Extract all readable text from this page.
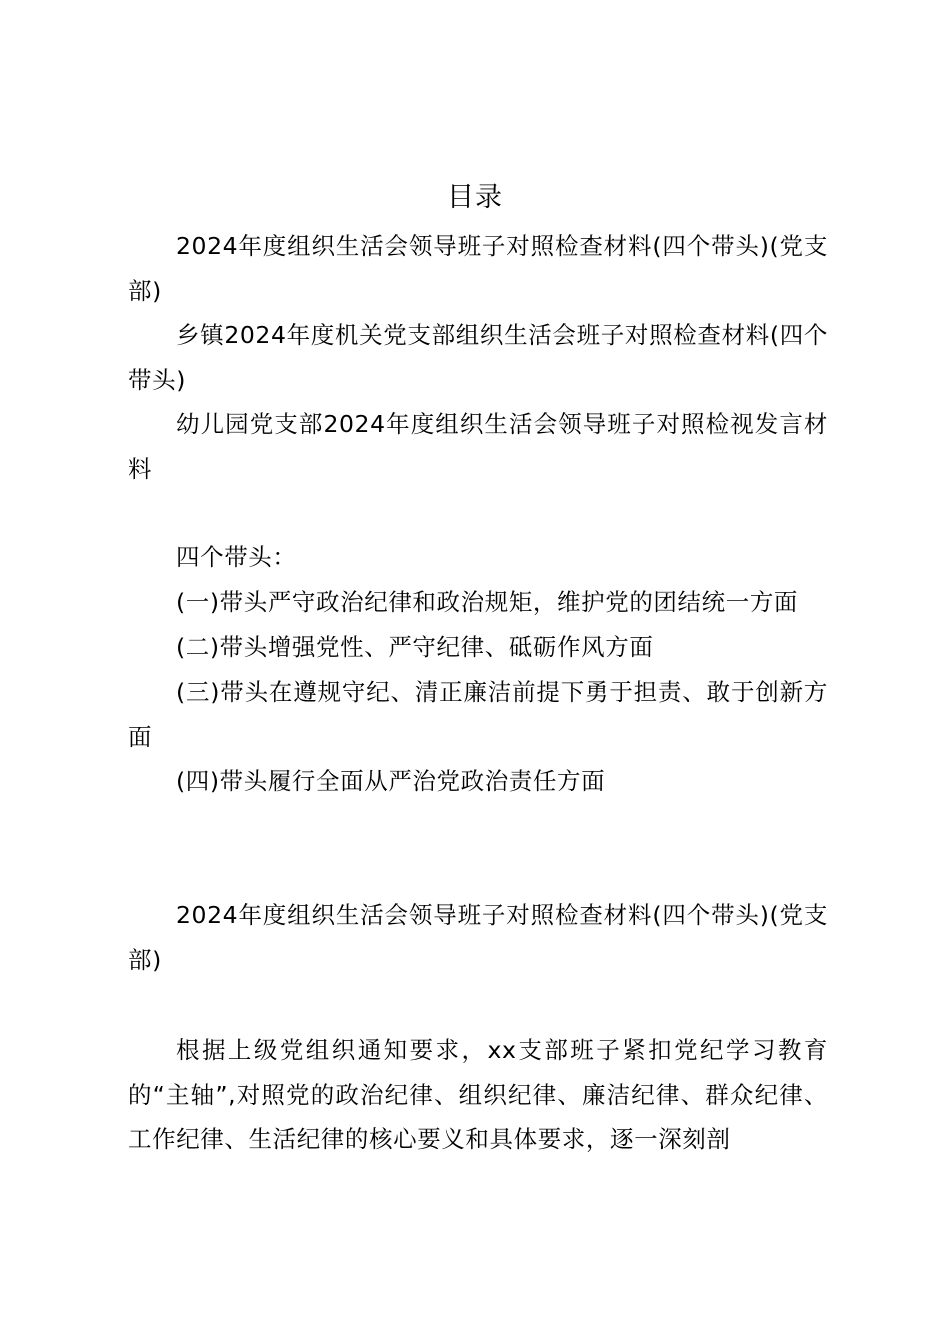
目录
2024年度组织生活会领导班子对照检查材料(四个带头)(党支部)
乡镇2024年度机关党支部组织生活会班子对照检查材料(四个带头)
幼儿园党支部2024年度组织生活会领导班子对照检视发言材料
四个带头：
(一)带头严守政治纪律和政治规矩，维护党的团结统一方面
(二)带头增强党性、严守纪律、砥砺作风方面
(三)带头在遵规守纪、清正廉洁前提下勇于担责、敢于创新方面
(四)带头履行全面从严治党政治责任方面
2024年度组织生活会领导班子对照检查材料(四个带头)(党支部)
根据上级党组织通知要求，xx支部班子紧扣党纪学习教育的“主轴”,对照党的政治纪律、组织纪律、廉洁纪律、群众纪律、工作纪律、生活纪律的核心要义和具体要求，逐一深刻剖
